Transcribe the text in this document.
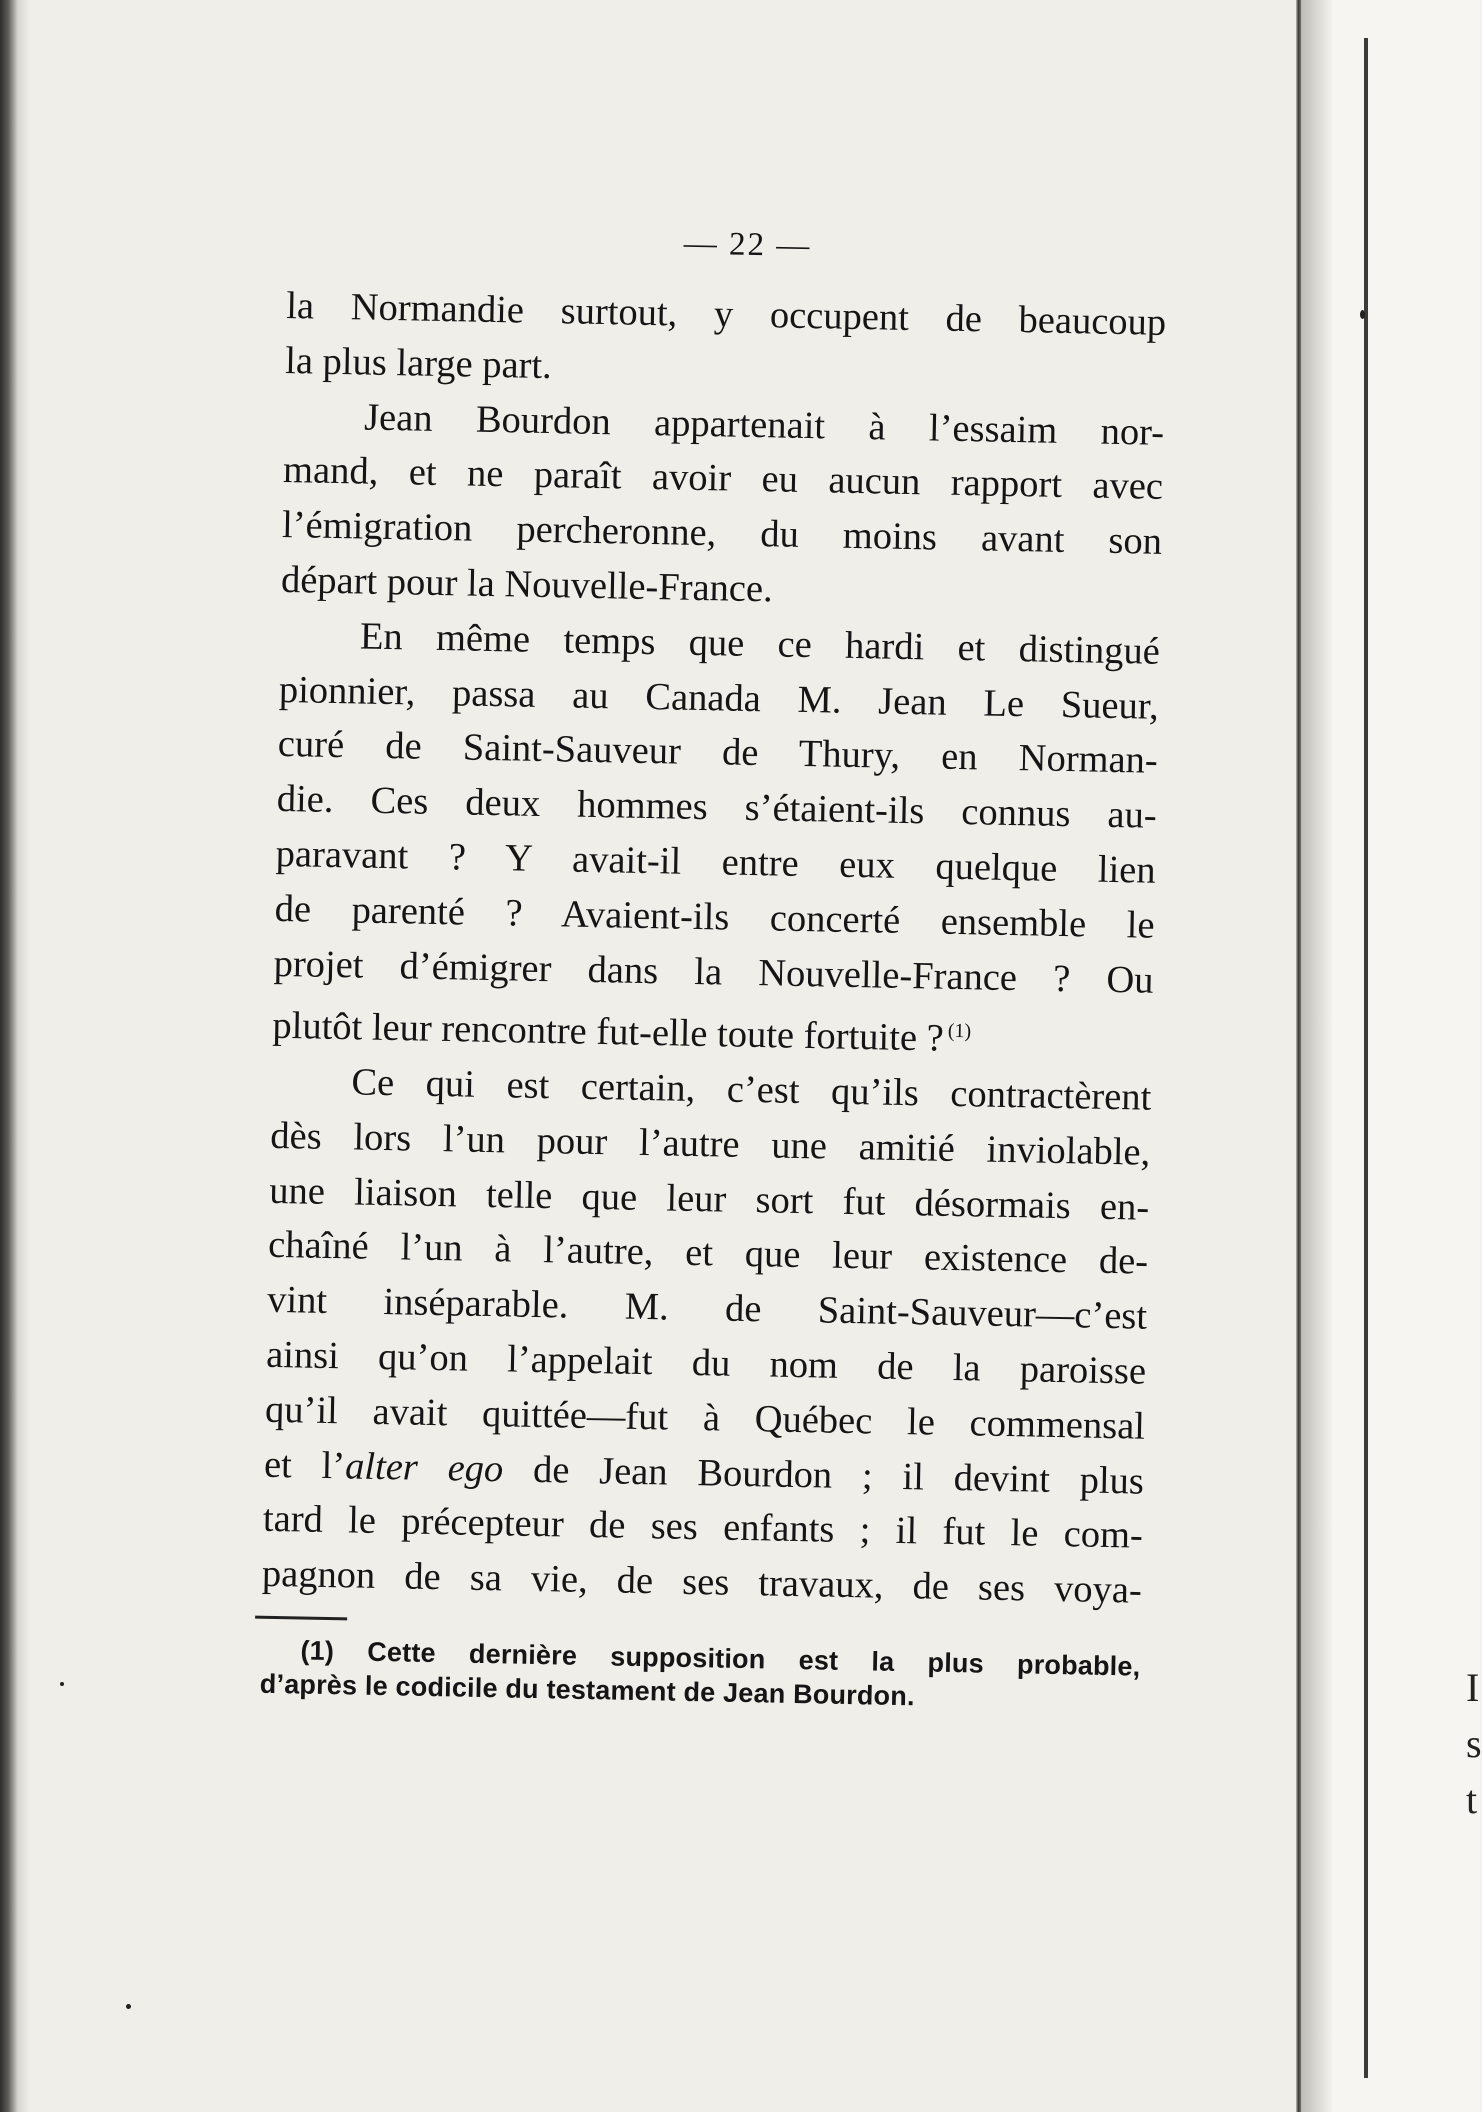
I
s
t
— 22 —
la Normandie surtout, y occupent de beaucoup
la plus large part.
Jean Bourdon appartenait à l’essaim nor-
mand, et ne paraît avoir eu aucun rapport avec
l’émigration percheronne, du moins avant son
départ pour la Nouvelle-France.
En même temps que ce hardi et distingué
pionnier, passa au Canada M. Jean Le Sueur,
curé de Saint-Sauveur de Thury, en Norman-
die. Ces deux hommes s’étaient-ils connus au-
paravant ? Y avait-il entre eux quelque lien
de parenté ? Avaient-ils concerté ensemble le
projet d’émigrer dans la Nouvelle-France ? Ou
plutôt leur rencontre fut-elle toute fortuite ? $^{(1)}$
Ce qui est certain, c’est qu’ils contractèrent
dès lors l’un pour l’autre une amitié inviolable,
une liaison telle que leur sort fut désormais en-
chaîné l’un à l’autre, et que leur existence de-
vint inséparable. M. de Saint-Sauveur—c’est
ainsi qu’on l’appelait du nom de la paroisse
qu’il avait quittée—fut à Québec le commensal
et l’alter ego de Jean Bourdon ; il devint plus
tard le précepteur de ses enfants ; il fut le com-
pagnon de sa vie, de ses travaux, de ses voya-
(1) Cette dernière supposition est la plus probable,
d’après le codicile du testament de Jean Bourdon.
